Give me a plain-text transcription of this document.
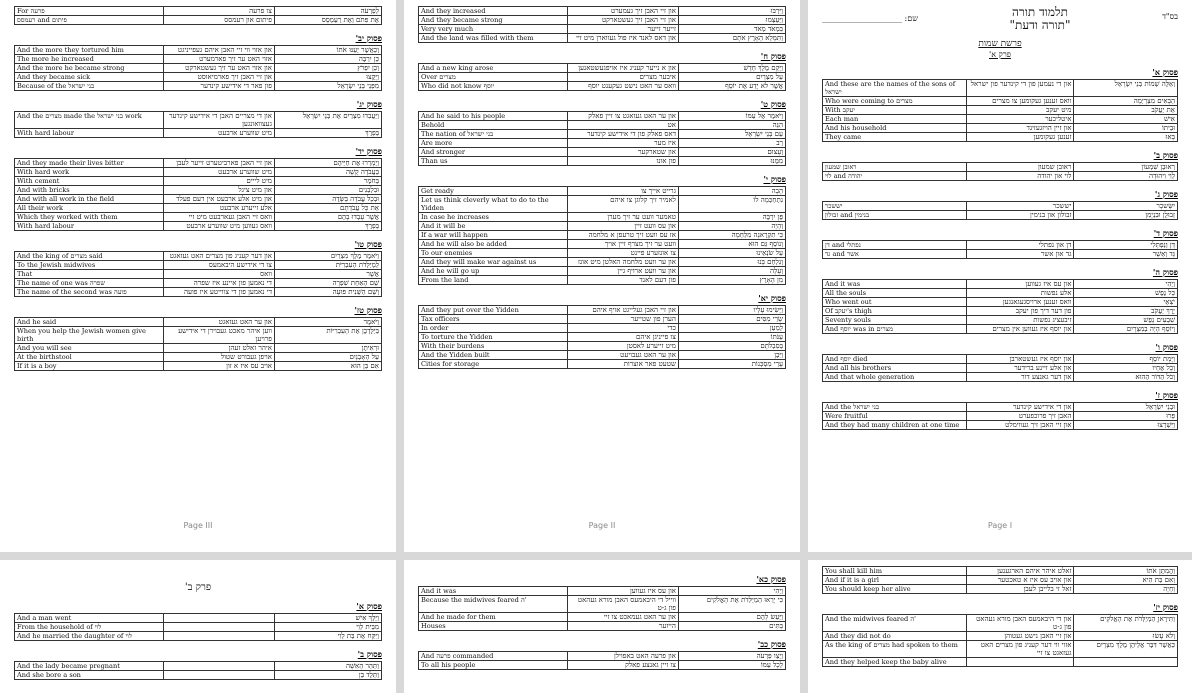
שם: ____________________	תלמוד תורה
"תורה ודעת"
בס"ד
פרשת שמות
פרק א'
פסוק א'
And these are the names of the sons of ישראל	און די נעמען פון די קינדער פון ישראל	וְאֵלֶּה שְׁמוֹת בְּנֵי יִשְׂרָאֵל
Who were coming to מצרים	וואס זענען געקומען צו מצרים	הַבָּאִים מִצְרָיְמָה
With יעקב	מיט יעקב	אֵת יַעֲקֹב
Each man	איטליכער	אִישׁ
And his household	און זיין הויזגעזינד	וּבֵיתוֹ
They came	זענען געקומען	בָּאוּ
פסוק ב'
ראובן שמעון	ראובן שמעון	רְאוּבֵן שִׁמְעוֹן
לוי and יהודה	לוי און יהודה	לֵוִי וִיהוּדָה
פסוק ג'
יששכר	יששכר	יִשָּׂשכָר
זבולון and בנימין	זבולון און בנימין	זְבוּלֻן וּבִנְיָמִן
פסוק ד'
דן and נפתלי	דן און נפתלי	דָּן וְנַפְתָּלִי
גד and אשר	גד און אשר	גָּד וְאָשֵׁר
פסוק ה'
And it was	און עס איז געווען	וַיְהִי
All the souls	אלע נפשות	כָּל נֶפֶשׁ
Who went out	וואס זענען ארויסגעגאנגען	יֹצְאֵי
Of יעקב's thigh	פון דער דיך פון יעקב	יֶרֶךְ יַעֲקֹב
Seventy souls	זיבעציג נפשות	שִׁבְעִים נָפֶשׁ
And יוסף was in מצרים	און יוסף איז געווען אין מצרים	וְיוֹסֵף הָיָה בְמִצְרָיִם
פסוק ו'
And יוסף died	און יוסף איז געשטארבן	וַיָּמָת יוֹסֵף
And all his brothers	און אלע זיינע ברידער	וְכָל אֶחָיו
And that whole generation	און דער גאנצע דור	וְכֹל הַדּוֹר הַהוּא
פסוק ז'
And the בני ישראל	און די אידישע קינדער	וּבְנֵי יִשְׂרָאֵל
Were fruitful	האבן זיך פרוכפערט	פָּרוּ
And they had many children at one time	און זיי האבן זיך געווימלט	וַיִּשְׁרְצוּ
Page I
And they increased	און זיי האבן זיך געמערט	וַיִּרְבּוּ
And they became strong	און זיי האבן זיך געשטארקט	וַיַּעַצְמוּ
Very very much	זייער זייער	בִּמְאֹד מְאֹד
And the land was filled with them	און דאס לאנד איז פול געווארן מיט זיי	וַתִּמָּלֵא הָאָרֶץ אֹתָם
פסוק ח'
And a new king arose	און א נייער קעניג איז אויפגעשטאנען	וַיָּקָם מֶלֶךְ חָדָשׁ
Over מצרים	איבער מצרים	עַל מִצְרָיִם
Who did not know יוסף	וואס ער האט נישט געקענט יוסף	אֲשֶׁר לֹא יָדַע אֶת יוֹסֵף
פסוק ט'
And he said to his people	און ער האט געזאגט צו זיין פאלק	וַיֹּאמֶר אֶל עַמּוֹ
Behold	אט	הִנֵּה
The nation of בני ישראל	דאס פאלק פון די אידישע קינדער	עַם בְּנֵי יִשְׂרָאֵל
Are more	איז מער	רַב
And stronger	און שטארקער	וְעָצוּם
Than us	פון אונז	מִמֶּנּוּ
פסוק י'
Get ready	גרייט אייך צו	הָבָה
Let us think cleverly what to do to the Yidden	לאמיר זיך קלוגן צו איהם	נִתְחַכְּמָה לוֹ
In case he increases	טאמער וועט ער זיך מערן	פֶּן יִרְבֶּה
And it will be	און עס וועט זיין	וְהָיָה
If a war will happen	אז עס וועט זיך טרעפן א מלחמה	כִּי תִקְרֶאנָה מִלְחָמָה
And he will also be added	וועט ער זיך מצרף זיין אויך	וְנוֹסַף גַּם הוּא
To our enemies	צו אונזערע פיינט	עַל שֹׂנְאֵינוּ
And they will make war against us	און ער וועט מלחמה האלטן מיט אונז	וְנִלְחַם בָּנוּ
And he will go up	און ער וועט ארויף גיין	וְעָלָה
From the land	פון דעם לאנד	מִן הָאָרֶץ
פסוק יא'
And they put over the Yidden	און זיי האבן געלייגט אויף איהם	וַיָּשִׂימוּ עָלָיו
Tax officers	הערן פון שטייער	שָׂרֵי מִסִּים
In order	כדי	לְמַעַן
To torture the Yidden	צו פייניגן איהם	עַנֹּתוֹ
With their burdens	מיט זייערע לאסטן	בְּסִבְלֹתָם
And the Yidden built	און ער האט געבויעט	וַיִּבֶן
Cities for storage	שטעט פאר אוצרות	עָרֵי מִסְכְּנוֹת
Page II
For פרעה	צו פרעה	לְפַרְעֹה
רעמסס and פיתום	פיתום און רעמסס	אֶת פִּתֹם וְאֶת רַעַמְסֵס
פסוק יב'
And the more they tortured him	און אזוי ווי זיי האבן איהם געפייניגט	וְכַאֲשֶׁר יְעַנּוּ אֹתוֹ
The more he increased	אזוי האט ער זיך פארמערט	כֵּן יִרְבֶּה
And the more he became strong	און אזוי האט ער זיך געשטארקט	וְכֵן יִפְרֹץ
And they became sick	און זיי האבן זיך פארמיאוסט	וַיָּקֻצוּ
Because of the בני ישראל	פון פאר די אידישע קינדער	מִפְּנֵי בְּנֵי יִשְׂרָאֵל
פסוק יג'
And the מצרים made the בני ישראל work	און די מצריים האבן די אידישע קינדער געצוואונגען	וַיַּעֲבִדוּ מִצְרַיִם אֶת בְּנֵי יִשְׂרָאֵל
With hard labour	מיט שווערע ארבעט	בְּפָרֶךְ
פסוק יד'
And they made their lives bitter	און זיי האבן פארביטערט זייער לעבן	וַיְמָרְרוּ אֶת חַיֵּיהֶם
With hard work	מיט שווערע ארבעט	בַּעֲבֹדָה קָשָׁה
With cement	מיט לייים	בְּחֹמֶר
And with bricks	און מיט ציגל	וּבִלְבֵנִים
And with all work in the field	און מיט אלע ארבעט אין דעם פעלד	וּבְכָל עֲבֹדָה בַּשָּׂדֶה
All their work	אלע זייערע ארבעט	אֵת כָּל עֲבֹדָתָם
Which they worked with them	וואס זיי האבן געארבעט מיט זיי	אֲשֶׁר עָבְדוּ בָהֶם
With hard labour	וואס געווען מיט שווערע ארבעט	בְּפָרֶךְ
פסוק טו'
And the king of מצרים said	און דער קעניג פון מצרים האט געזאגט	וַיֹּאמֶר מֶלֶךְ מִצְרַיִם
To the Jewish midwives	צו די אידישע היבאמעס	לַמְיַלְּדֹת הָעִבְרִיֹּת
That	וואס	אֲשֶׁר
The name of one was שפרה	די נאמען פון איינע איז שפרה	שֵׁם הָאַחַת שִׁפְרָה
The name of the second was פועה	די נאמען פון די צווייטע איז פועה	וְשֵׁם הַשֵּׁנִית פּוּעָה
פסוק טז'
And he said	און ער האט געזאגט	וַיֹּאמֶר
When you help the Jewish women give birth	ווען איהר מאכט געבוירן די אידישע פרויען	בְּיַלֶּדְכֶן אֶת הָעִבְרִיּוֹת
And you will see	איהר זאלט זעהן	וּרְאִיתֶן
At the birthstool	אויפן געבורט שטול	עַל הָאָבְנָיִם
If it is a boy	אויב עס איז א זון	אִם בֵּן הוּא
Page III
פרק ב'
פסוק א'
And a man went		וַיֵּלֶךְ אִישׁ
From the household of לוי		מִבֵּית לֵוִי
And he married the daughter of לוי		וַיִּקַּח אֶת בַּת לֵוִי
פסוק ב'
And the lady became pregnant		וַתַּהַר הָאִשָּׁה
And she bore a son		וַתֵּלֶד בֵּן
פסוק כא'
And it was	און עס איז געווען	וַיְהִי
Because the midwives feared ה'	ווייל די היבאמעס האבן מורא געהאט פון ג-ט	כִּי יָרְאוּ הַמְיַלְּדֹת אֶת הָאֱלֹקִים
And he made for them	און ער האט געמאכט צו זיי	וַיַּעַשׂ לָהֶם
Houses	הייזער	בָּתִּים
פסוק כב'
And פרעה commanded	און פרעה האט באפוילן	וַיְצַו פַּרְעֹה
To all his people	צו זיין גאנצע פאלק	לְכָל עַמּוֹ
You shall kill him	זאלט איהר איהם הארגענען	וַהֲמִתֶּן אֹתוֹ
And if it is a girl	און אויב עס איז א טאכטער	וְאִם בַּת הִיא
You should keep her alive	זאל זי בלייבן לעבן	וָחָיָה
פסוק יז'
And the midwives feared ה'	און די היבאמעס האבן מורא געהאט פון ג-ט	וַתִּירֶאןָ הַמְיַלְּדֹת אֶת הָאֱלֹקִים
And they did not do	און זיי האבן נישט געטוהן	וְלֹא עָשׂוּ
As the king of מצרים had spoken to them	אזוי ווי דער קעניג פון מצרים האט געזאגט צו זיי	כַּאֲשֶׁר דִּבֶּר אֲלֵיהֶן מֶלֶךְ מִצְרָיִם
And they helped keep the baby alive		
